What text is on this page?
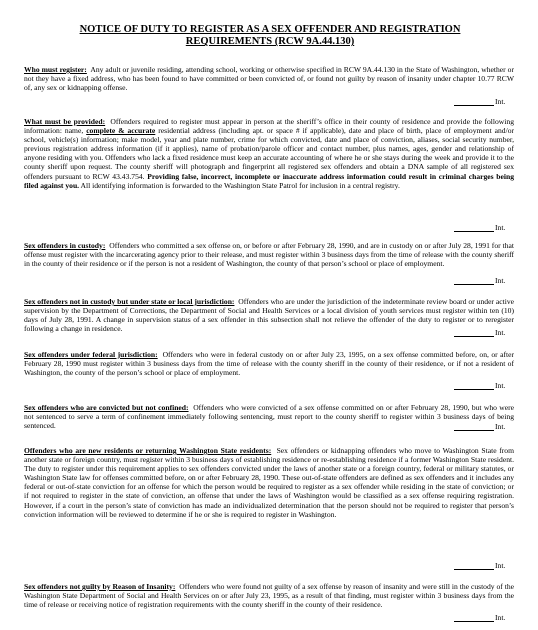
NOTICE OF DUTY TO REGISTER AS A SEX OFFENDER AND REGISTRATION REQUIREMENTS (RCW 9A.44.130)
Who must register: Any adult or juvenile residing, attending school, working or otherwise specified in RCW 9A.44.130 in the State of Washington, whether or not they have a fixed address, who has been found to have committed or been convicted of, or found not guilty by reason of insanity under chapter 10.77 RCW of, any sex or kidnapping offense.
Int.
What must be provided: Offenders required to register must appear in person at the sheriff’s office in their county of residence and provide the following information: name, complete & accurate residential address (including apt. or space # if applicable), date and place of birth, place of employment and/or school, vehicle(s) information; make model, year and plate number, crime for which convicted, date and place of conviction, aliases, social security number, previous registration address information (if it applies), name of probation/parole officer and contact number, plus names, ages, gender and relationship of anyone residing with you. Offenders who lack a fixed residence must keep an accurate accounting of where he or she stays during the week and provide it to the county sheriff upon request. The county sheriff will photograph and fingerprint all registered sex offenders and obtain a DNA sample of all registered sex offenders pursuant to RCW 43.43.754. Providing false, incorrect, incomplete or inaccurate address information could result in criminal charges being filed against you. All identifying information is forwarded to the Washington State Patrol for inclusion in a central registry.
Int.
Sex offenders in custody: Offenders who committed a sex offense on, or before or after February 28, 1990, and are in custody on or after July 28, 1991 for that offense must register with the incarcerating agency prior to their release, and must register within 3 business days from the time of release with the county sheriff in the county of their residence or if the person is not a resident of Washington, the county of that person’s school or place of employment.
Int.
Sex offenders not in custody but under state or local jurisdiction: Offenders who are under the jurisdiction of the indeterminate review board or under active supervision by the Department of Corrections, the Department of Social and Health Services or a local division of youth services must register within ten (10) days of July 28, 1991. A change in supervision status of a sex offender in this subsection shall not relieve the offender of the duty to register or to reregister following a change in residence.	Int.
Sex offenders under federal jurisdiction: Offenders who were in federal custody on or after July 23, 1995, on a sex offense committed before, on, or after February 28, 1990 must register within 3 business days from the time of release with the county sheriff in the county of their residence, or if not a resident of Washington, the county of the person’s school or place of employment.
Int.
Sex offenders who are convicted but not confined: Offenders who were convicted of a sex offense committed on or after February 28, 1990, but who were not sentenced to serve a term of confinement immediately following sentencing, must report to the county sheriff to register within 3 business days of being sentenced.	Int.
Offenders who are new residents or returning Washington State residents: Sex offenders or kidnapping offenders who move to Washington State from another state or foreign country, must register within 3 business days of establishing residence or re-establishing residence if a former Washington State resident. The duty to register under this requirement applies to sex offenders convicted under the laws of another state or a foreign country, federal or military statutes, or Washington State law for offenses committed before, on or after February 28, 1990. These out-of-state offenders are defined as sex offenders and it includes any federal or out-of-state conviction for an offense for which the person would be required to register as a sex offender while residing in the state of conviction; or if not required to register in the state of conviction, an offense that under the laws of Washington would be classified as a sex offense requiring registration. However, if a court in the person’s state of conviction has made an individualized determination that the person should not be required to register that person’s conviction information will be reviewed to determine if he or she is required to register in Washington.
Int.
Sex offenders not guilty by Reason of Insanity: Offenders who were found not guilty of a sex offense by reason of insanity and were still in the custody of the Washington State Department of Social and Health Services on or after July 23, 1995, as a result of that finding, must register within 3 business days from the time of release or receiving notice of registration requirements with the county sheriff in the county of their residence.
Int.
